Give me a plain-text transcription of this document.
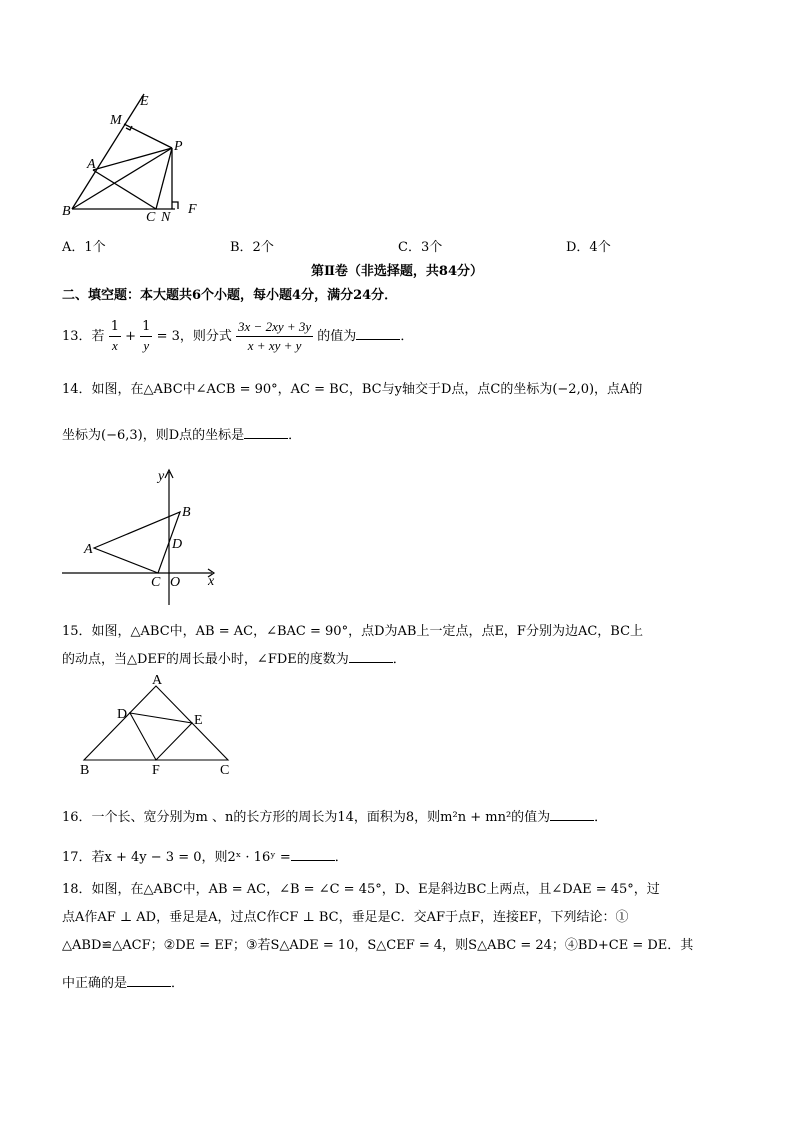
E
M
P
A
B	C N
F
A．1个	B．2个	C．3个	D．4个
第Ⅱ卷（非选择题，共84分）
二、填空题：本大题共6个小题，每小题4分，满分24分．
13．若 $\frac{1}{x} + \frac{1}{y} = 3$，则分式 $\frac{3x - 2xy + 3y}{x + xy + y}$ 的值为	．
14．如图，在△ABC中∠ACB = 90°，AC = BC，BC与y轴交于D点，点C的坐标为(−2,0)，点A的
坐标为(−6,3)，则D点的坐标是	．
y
x
A
B
D
C O
15．如图，△ABC中，AB = AC，∠BAC = 90°，点D为AB上一定点，点E，F分别为边AC，BC上
的动点，当△DEF的周长最小时，∠FDE的度数为	．
A
D	E
B	F	C
16．一个长、宽分别为m 、n的长方形的周长为14，面积为8，则m²n + mn²的值为	．
17．若x + 4y − 3 = 0，则2ˣ · 16ʸ =	．
18．如图，在△ABC中，AB = AC，∠B = ∠C = 45°，D、E是斜边BC上两点，且∠DAE = 45°，过
点A作AF ⊥ AD，垂足是A，过点C作CF ⊥ BC，垂足是C．交AF于点F，连接EF，下列结论：①
△ABD≌△ACF；②DE = EF；③若S△ADE = 10，S△CEF = 4，则S△ABC = 24；④BD+CE = DE．其
中正确的是	．
